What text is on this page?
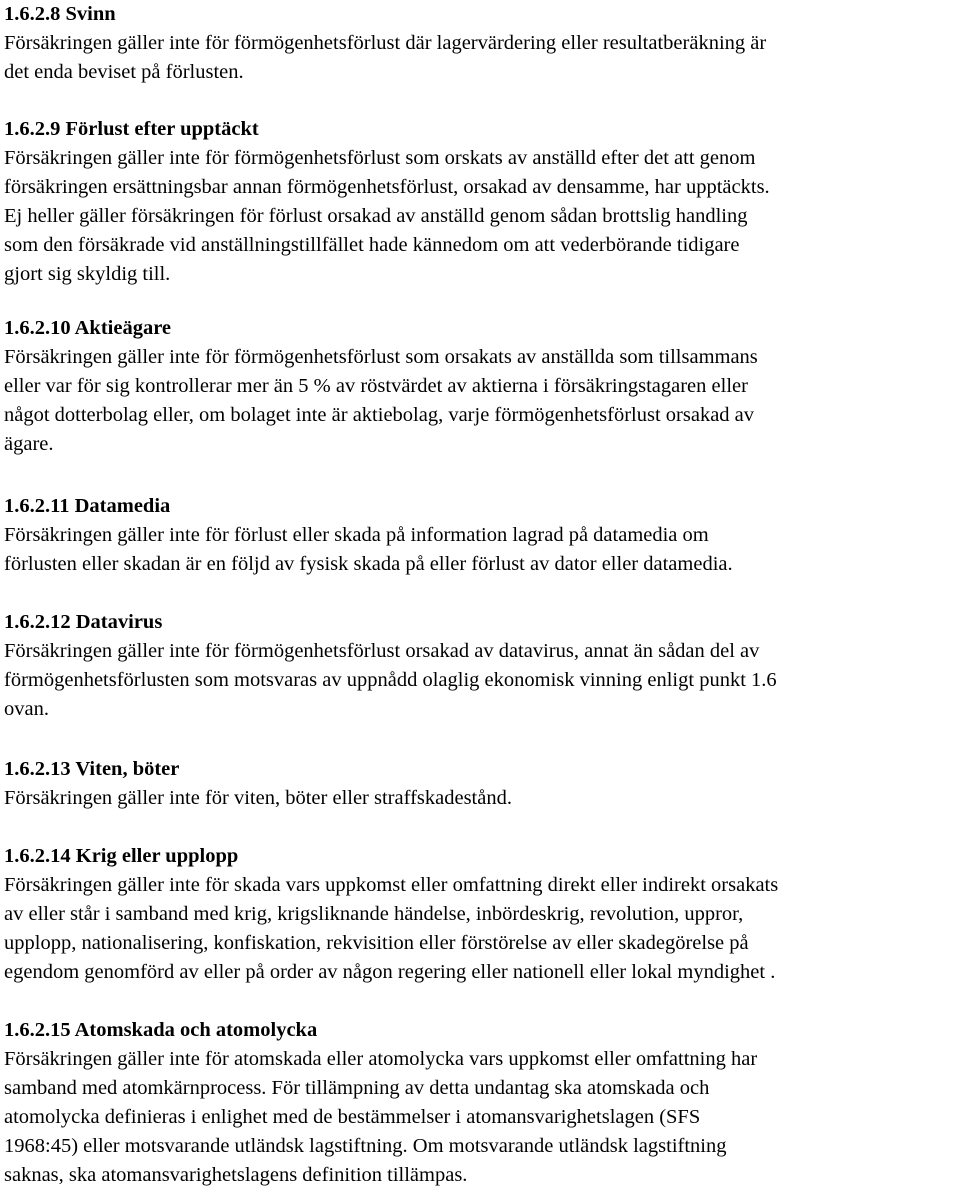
1.6.2.8 Svinn
Försäkringen gäller inte för förmögenhetsförlust där lagervärdering eller resultatberäkning är
det enda beviset på förlusten.
1.6.2.9 Förlust efter upptäckt
Försäkringen gäller inte för förmögenhetsförlust som orskats av anställd efter det att genom
försäkringen ersättningsbar annan förmögenhetsförlust, orsakad av densamme, har upptäckts.
Ej heller gäller försäkringen för förlust orsakad av anställd genom sådan brottslig handling
som den försäkrade vid anställningstillfället hade kännedom om att vederbörande tidigare
gjort sig skyldig till.
1.6.2.10 Aktieägare
Försäkringen gäller inte för förmögenhetsförlust som orsakats av anställda som tillsammans
eller var för sig kontrollerar mer än 5 % av röstvärdet av aktierna i försäkringstagaren eller
något dotterbolag eller, om bolaget inte är aktiebolag, varje förmögenhetsförlust orsakad av
ägare.
1.6.2.11 Datamedia
Försäkringen gäller inte för förlust eller skada på information lagrad på datamedia om
förlusten eller skadan är en följd av fysisk skada på eller förlust av dator eller datamedia.
1.6.2.12 Datavirus
Försäkringen gäller inte för förmögenhetsförlust orsakad av datavirus, annat än sådan del av
förmögenhetsförlusten som motsvaras av uppnådd olaglig ekonomisk vinning enligt punkt 1.6
ovan.
1.6.2.13 Viten, böter
Försäkringen gäller inte för viten, böter eller straffskadestånd.
1.6.2.14 Krig eller upplopp
Försäkringen gäller inte för skada vars uppkomst eller omfattning direkt eller indirekt orsakats
av eller står i samband med krig, krigsliknande händelse, inbördeskrig, revolution, uppror,
upplopp, nationalisering, konfiskation, rekvisition eller förstörelse av eller skadegörelse på
egendom genomförd av eller på order av någon regering eller nationell eller lokal myndighet .
1.6.2.15 Atomskada och atomolycka
Försäkringen gäller inte för atomskada eller atomolycka vars uppkomst eller omfattning har
samband med atomkärnprocess. För tillämpning av detta undantag ska atomskada och
atomolycka definieras i enlighet med de bestämmelser i atomansvarighetslagen (SFS
1968:45) eller motsvarande utländsk lagstiftning. Om motsvarande utländsk lagstiftning
saknas, ska atomansvarighetslagens definition tillämpas.
